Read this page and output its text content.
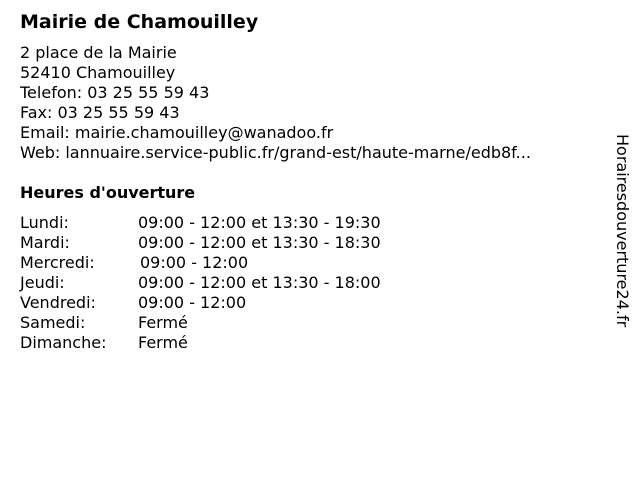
Mairie de Chamouilley
2 place de la Mairie
52410 Chamouilley
Telefon: 03 25 55 59 43
Fax: 03 25 55 59 43
Email: mairie.chamouilley@wanadoo.fr
Web: lannuaire.service-public.fr/grand-est/haute-marne/edb8f...
Heures d'ouverture
Lundi:	09:00 - 12:00 et 13:30 - 19:30
Mardi:	09:00 - 12:00 et 13:30 - 18:30
Mercredi:	09:00 - 12:00
Jeudi:	09:00 - 12:00 et 13:30 - 18:00
Vendredi:	09:00 - 12:00
Samedi:	Fermé
Dimanche: Fermé
Horairesdouverture24.fr
